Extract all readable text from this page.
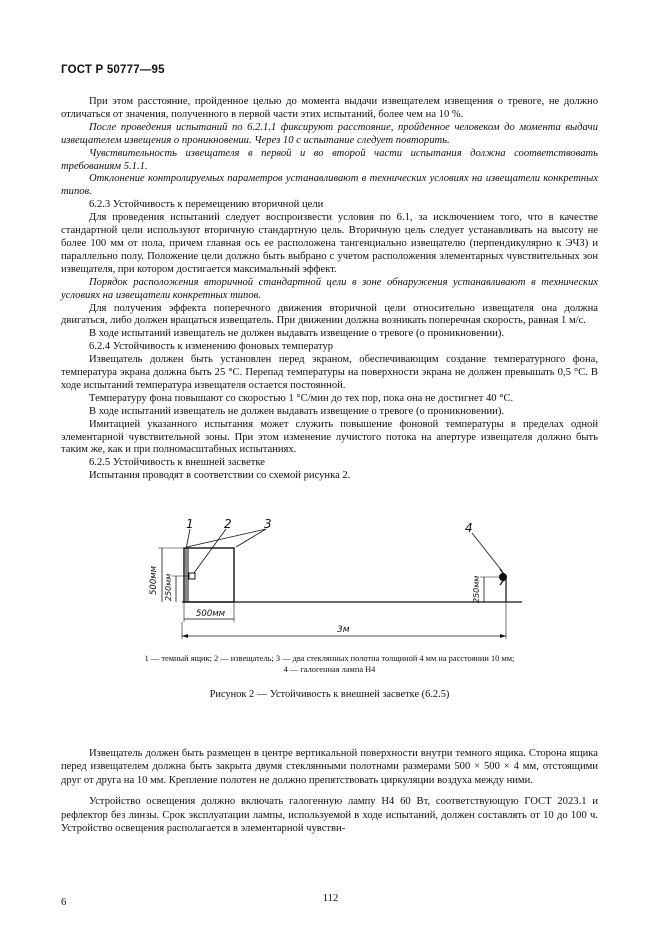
ГОСТ Р 50777—95

При этом расстояние, пройденное целью до момента выдачи извещателем извещения о тревоге, не должно отличаться от значения, полученного в первой части этих испытаний, более чем на 10 %.

После проведения испытаний по 6.2.1.1 фиксируют расстояние, пройденное человеком до момента выдачи извещателем извещения о проникновении. Через 10 с испытание следует повторить.

Чувствительность извещателя в первой и во второй части испытания должна соответствовать требованиям 5.1.1.

Отклонение контролируемых параметров устанавливают в технических условиях на извещатели конкретных типов.

6.2.3 Устойчивость к перемещению вторичной цели

Для проведения испытаний следует воспроизвести условия по 6.1, за исключением того, что в качестве стандартной цели используют вторичную стандартную цель. Вторичную цель следует устанавливать на высоту не более 100 мм от пола, причем главная ось ее расположена тангенциально извещателю (перпендикулярно к ЭЧЗ) и параллельно полу. Положение цели должно быть выбрано с учетом расположения элементарных чувствительных зон извещателя, при котором достигается максимальный эффект.

Порядок расположения вторичной стандартной цели в зоне обнаружения устанавливают в технических условиях на извещатели конкретных типов.

Для получения эффекта поперечного движения вторичной цели относительно извещателя она должна двигаться, либо должен вращаться извещатель. При движении должна возникать поперечная скорость, равная 1 м/с.

В ходе испытаний извещатель не должен выдавать извещение о тревоге (о проникновении).

6.2.4 Устойчивость к изменению фоновых температур

Извещатель должен быть установлен перед экраном, обеспечивающим создание температурного фона, температура экрана должна быть 25 °С. Перепад температуры на поверхности экрана не должен превышать 0,5 °С. В ходе испытаний температура извещателя остается постоянной.

Температуру фона повышают со скоростью 1 °С/мин до тех пор, пока она не достигнет 40 °С.

В ходе испытаний извещатель не должен выдавать извещение о тревоге (о проникновении).

Имитацией указанного испытания может служить повышение фоновой температуры в пределах одной элементарной чувствительной зоны. При этом изменение лучистого потока на апертуре извещателя должно быть таким же, как и при полномасштабных испытаниях.

6.2.5 Устойчивость к внешней засветке

Испытания проводят в соответствии со схемой рисунка 2.

1	2	3	4
500мм 250мм	250мм
500мм
3м
1 — темный ящик; 2 — извещатель; 3 — два стеклянных полотна толщиной 4 мм на расстоянии 10 мм;
4 — галогенная лампа Н4
Рисунок 2 — Устойчивость к внешней засветке (6.2.5)

Извещатель должен быть размещен в центре вертикальной поверхности внутри темного ящика. Сторона ящика перед извещателем должна быть закрыта двумя стеклянными полотнами размерами 500 × 500 × 4 мм, отстоящими друг от друга на 10 мм. Крепление полотен не должно препятствовать циркуляции воздуха между ними.

Устройство освещения должно включать галогенную лампу Н4 60 Вт, соответствующую ГОСТ 2023.1 и рефлектор без линзы. Срок эксплуатации лампы, используемой в ходе испытаний, должен составлять от 10 до 100 ч. Устройство освещения располагается в элементарной чувстви-

6	112
